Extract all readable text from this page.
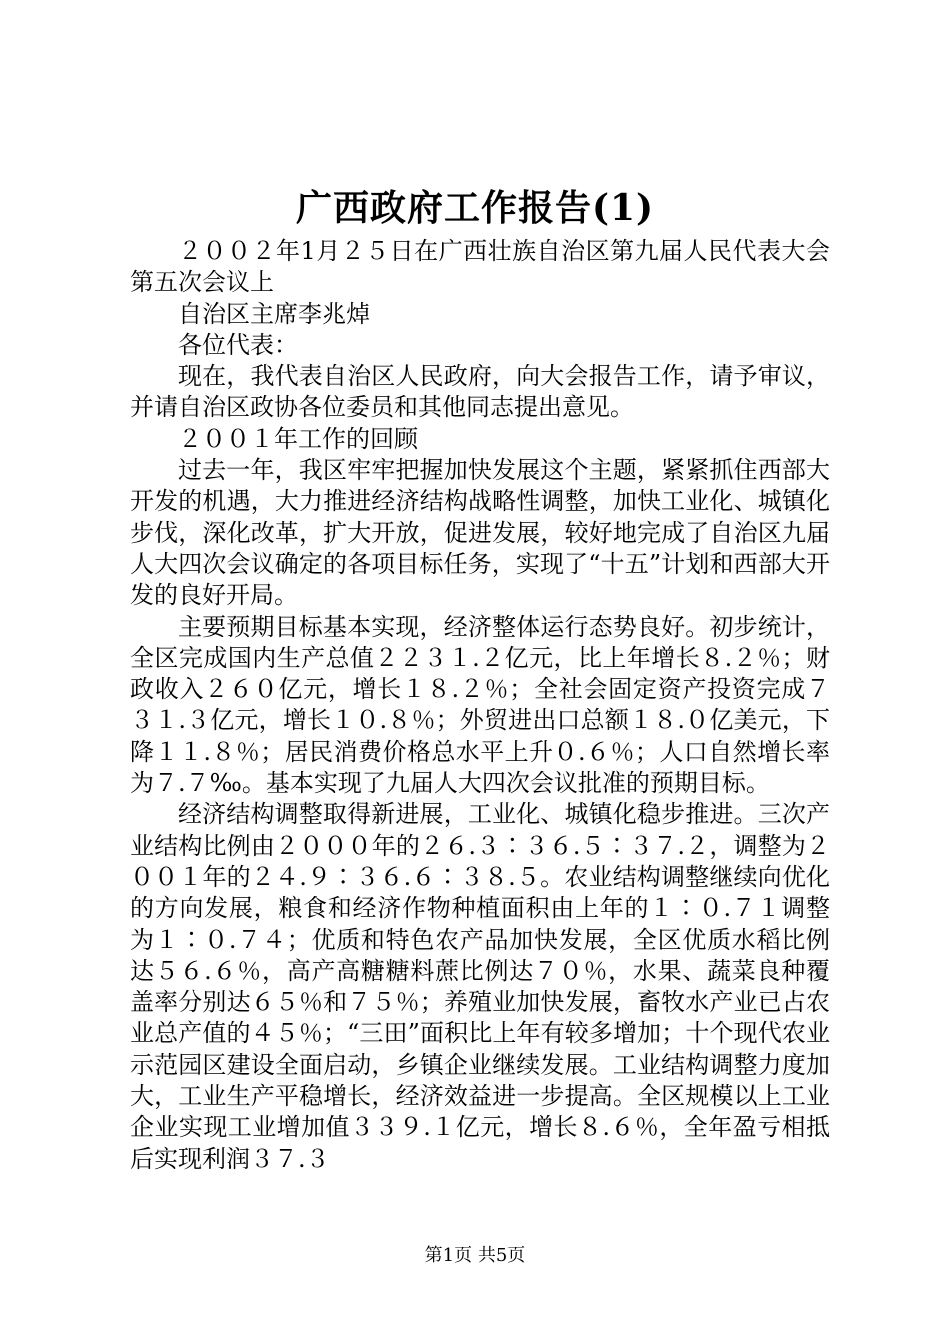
广西政府工作报告(1)

２００２年1月２５日在广西壮族自治区第九届人民代表大会第五次会议上

自治区主席李兆焯

各位代表：

现在，我代表自治区人民政府，向大会报告工作，请予审议，并请自治区政协各位委员和其他同志提出意见。

２００１年工作的回顾

过去一年，我区牢牢把握加快发展这个主题，紧紧抓住西部大开发的机遇，大力推进经济结构战略性调整，加快工业化、城镇化步伐，深化改革，扩大开放，促进发展，较好地完成了自治区九届人大四次会议确定的各项目标任务，实现了“十五”计划和西部大开发的良好开局。

主要预期目标基本实现，经济整体运行态势良好。初步统计，全区完成国内生产总值２２３１.２亿元，比上年增长８.２％；财政收入２６０亿元，增长１８.２％；全社会固定资产投资完成７３１.３亿元，增长１０.８％；外贸进出口总额１８.０亿美元，下降１１.８％；居民消费价格总水平上升０.６％；人口自然增长率为７.７‰。基本实现了九届人大四次会议批准的预期目标。

经济结构调整取得新进展，工业化、城镇化稳步推进。三次产业结构比例由２０００年的２６.３∶３６.５∶３７.２，调整为２００１年的２４.９∶３６.６∶３８.５。农业结构调整继续向优化的方向发展，粮食和经济作物种植面积由上年的１∶０.７１调整为１∶０.７４；优质和特色农产品加快发展，全区优质水稻比例达５６.６％，高产高糖糖料蔗比例达７０％，水果、蔬菜良种覆盖率分别达６５％和７５％；养殖业加快发展，畜牧水产业已占农业总产值的４５％；“三田”面积比上年有较多增加；十个现代农业示范园区建设全面启动，乡镇企业继续发展。工业结构调整力度加大，工业生产平稳增长，经济效益进一步提高。全区规模以上工业企业实现工业增加值３３９.１亿元，增长８.６％，全年盈亏相抵后实现利润３７.３

第1页 共5页
